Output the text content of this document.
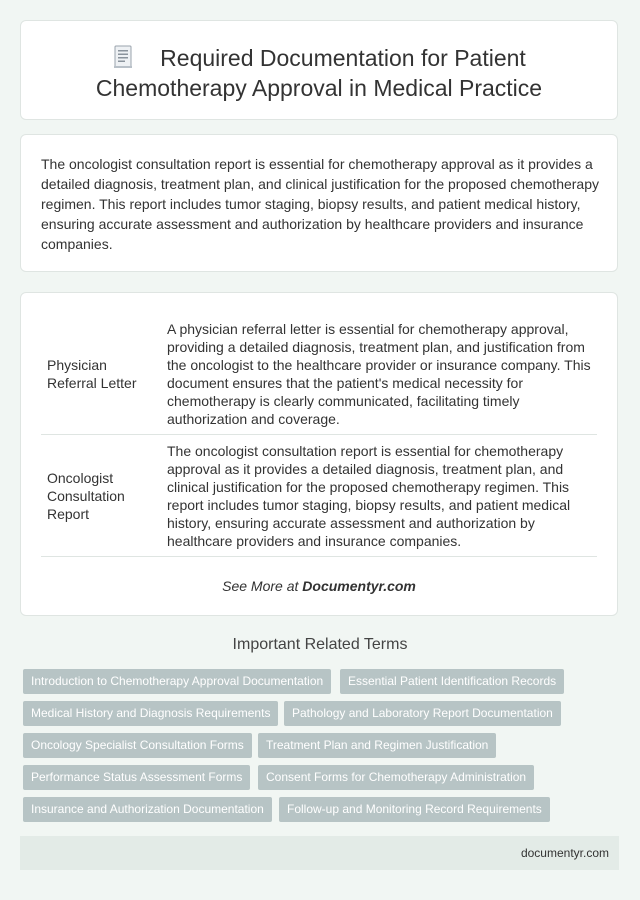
Required Documentation for Patient Chemotherapy Approval in Medical Practice
The oncologist consultation report is essential for chemotherapy approval as it provides a detailed diagnosis, treatment plan, and clinical justification for the proposed chemotherapy regimen. This report includes tumor staging, biopsy results, and patient medical history, ensuring accurate assessment and authorization by healthcare providers and insurance companies.
Physician Referral Letter	A physician referral letter is essential for chemotherapy approval, providing a detailed diagnosis, treatment plan, and justification from the oncologist to the healthcare provider or insurance company. This document ensures that the patient's medical necessity for chemotherapy is clearly communicated, facilitating timely authorization and coverage.
Oncologist Consultation Report	The oncologist consultation report is essential for chemotherapy approval as it provides a detailed diagnosis, treatment plan, and clinical justification for the proposed chemotherapy regimen. This report includes tumor staging, biopsy results, and patient medical history, ensuring accurate assessment and authorization by healthcare providers and insurance companies.
See More at Documentyr.com
Important Related Terms
Introduction to Chemotherapy Approval Documentation	Essential Patient Identification Records
Medical History and Diagnosis Requirements	Pathology and Laboratory Report Documentation
Oncology Specialist Consultation Forms	Treatment Plan and Regimen Justification
Performance Status Assessment Forms	Consent Forms for Chemotherapy Administration
Insurance and Authorization Documentation	Follow-up and Monitoring Record Requirements
documentyr.com
